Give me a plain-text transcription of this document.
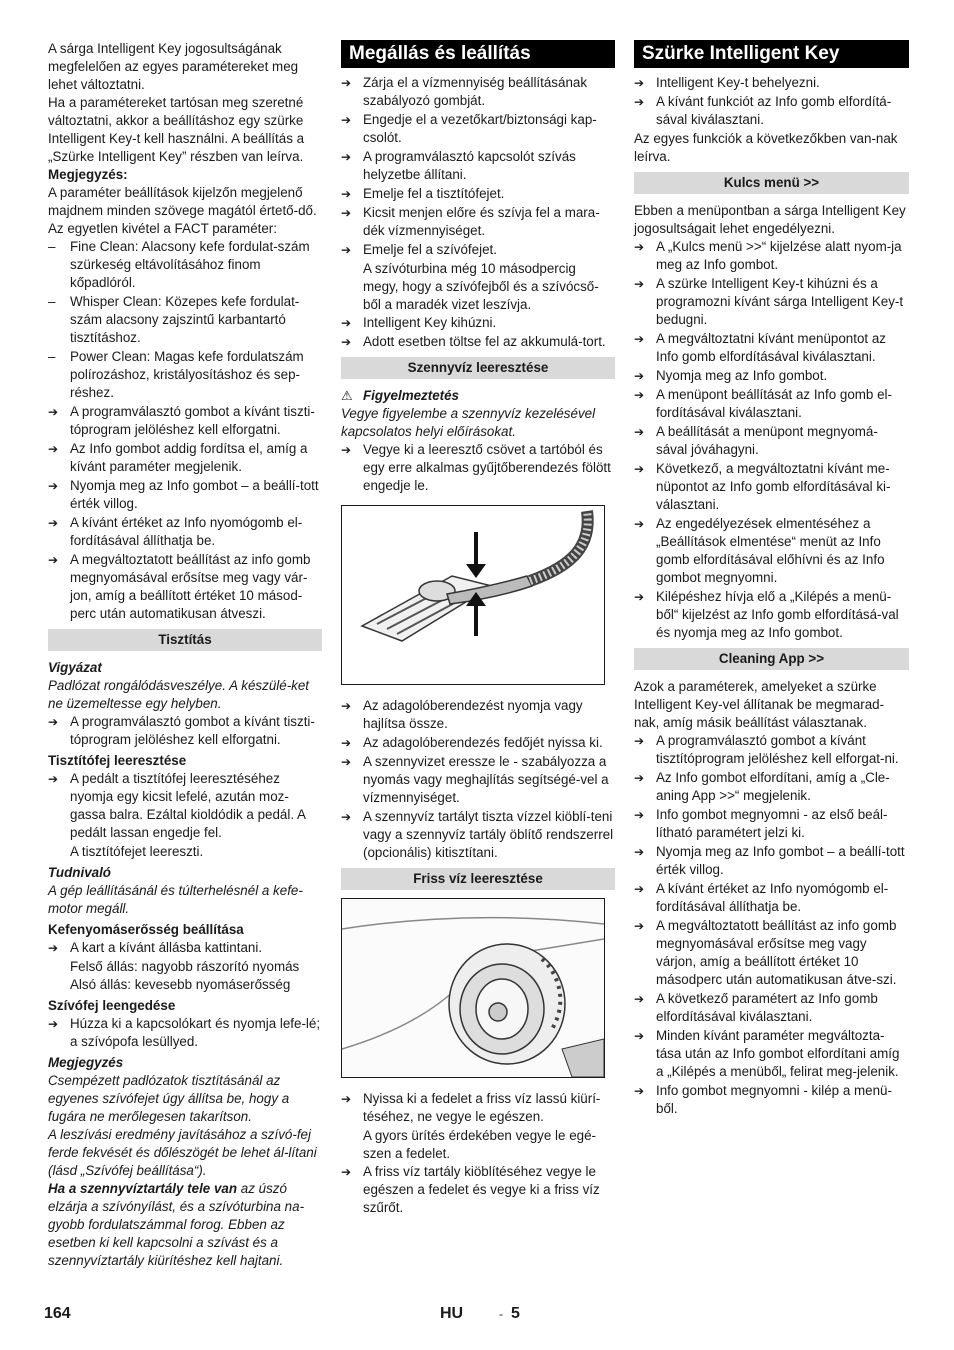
A sárga Intelligent Key jogosultságának megfelelően az egyes paramétereket meg lehet változtatni.

Ha a paramétereket tartósan meg szeretné változtatni, akkor a beállításhoz egy szürke Intelligent Key-t kell használni. A beállítás a „Szürke Intelligent Key” részben van leírva.

Megjegyzés:

A paraméter beállítások kijelzőn megjelenő majdnem minden szövege magától értető-dő. Az egyetlen kivétel a FACT paraméter:

– Fine Clean: Alacsony kefe fordulat-szám szürkeség eltávolításához finom kőpadlóról.

– Whisper Clean: Közepes kefe fordulat-szám alacsony zajszintű karbantartó tisztításhoz.

– Power Clean: Magas kefe fordulatszám polírozáshoz, kristályosításhoz és sep-réshez.

➔ A programválasztó gombot a kívánt tiszti-tóprogram jelöléshez kell elforgatni.

➔ Az Info gombot addig fordítsa el, amíg a kívánt paraméter megjelenik.

➔ Nyomja meg az Info gombot – a beállí-tott érték villog.

➔ A kívánt értéket az Info nyomógomb el-fordításával állíthatja be.

➔ A megváltoztatott beállítást az info gomb megnyomásával erősítse meg vagy vár-jon, amíg a beállított értéket 10 másod-perc után automatikusan átveszi.

Tisztítás

Vigyázat

Padlózat rongálódásveszélye. A készülé-ket ne üzemeltesse egy helyben.

➔ A programválasztó gombot a kívánt tiszti-tóprogram jelöléshez kell elforgatni.

Tisztítófej leeresztése

➔ A pedált a tisztítófej leeresztéséhez nyomja egy kicsit lefelé, azután moz-gassa balra. Ezáltal kioldódik a pedál. A pedált lassan engedje fel.

A tisztítófejet leereszti.

Tudnivaló

A gép leállításánál és túlterhelésnél a kefe-motor megáll.

Kefenyomáserősség beállítása

➔ A kart a kívánt állásba kattintani.

Felső állás: nagyobb rászorító nyomás

Alsó állás: kevesebb nyomáserősség

Szívófej leengedése

➔ Húzza ki a kapcsolókart és nyomja lefe-lé; a szívópofa lesüllyed.

Megjegyzés

Csempézett padlózatok tisztításánál az egyenes szívófejet úgy állítsa be, hogy a fugára ne merőlegesen takarítson.

A leszívási eredmény javításához a szívó-fej ferde fekvését és dőlészögét be lehet ál-lítani (lásd „Szívófej beállítása“).

Ha a szennyvíztartály tele van az úszó elzárja a szívónyílást, és a szívóturbina na-gyobb fordulatszámmal forog. Ebben az esetben ki kell kapcsolni a szívást és a szennyvíztartály kiürítéshez kell hajtani.

Megállás és leállítás

➔ Zárja el a vízmennyiség beállításának szabályozó gombját.

➔ Engedje el a vezetőkart/biztonsági kap-csolót.

➔ A programválasztó kapcsolót szívás helyzetbe állítani.

➔ Emelje fel a tisztítófejet.

➔ Kicsit menjen előre és szívja fel a mara-dék vízmennyiséget.

➔ Emelje fel a szívófejet.

A szívóturbina még 10 másodpercig megy, hogy a szívófejből és a szívócső-ből a maradék vizet leszívja.

➔ Intelligent Key kihúzni.

➔ Adott esetben töltse fel az akkumulá-tort.

Szennyvíz leeresztése

⚠ Figyelmeztetés

Vegye figyelembe a szennyvíz kezelésével kapcsolatos helyi előírásokat.

➔ Vegye ki a leeresztő csövet a tartóból és egy erre alkalmas gyűjtőberendezés fölött engedje le.

➔ Az adagolóberendezést nyomja vagy hajlítsa össze.

➔ Az adagolóberendezés fedőjét nyissa ki.

➔ A szennyvizet eressze le - szabályozza a nyomás vagy meghajlítás segítségé-vel a vízmennyiséget.

➔ A szennyvíz tartályt tiszta vízzel kiöblí-teni vagy a szennyvíz tartály öblítő rendszerrel (opcionális) kitisztítani.

Friss víz leeresztése

➔ Nyissa ki a fedelet a friss víz lassú kiürí-téséhez, ne vegye le egészen.

A gyors ürítés érdekében vegye le egé-szen a fedelet.

➔ A friss víz tartály kiöblítéséhez vegye le egészen a fedelet és vegye ki a friss víz szűrőt.

Szürke Intelligent Key

➔ Intelligent Key-t behelyezni.

➔ A kívánt funkciót az Info gomb elfordítá-sával kiválasztani.

Az egyes funkciók a következőkben van-nak leírva.

Kulcs menü >>

Ebben a menüpontban a sárga Intelligent Key jogosultságait lehet engedélyezni.

➔ A „Kulcs menü >>“ kijelzése alatt nyom-ja meg az Info gombot.

➔ A szürke Intelligent Key-t kihúzni és a programozni kívánt sárga Intelligent Key-t bedugni.

➔ A megváltoztatni kívánt menüpontot az Info gomb elfordításával kiválasztani.

➔ Nyomja meg az Info gombot.

➔ A menüpont beállítását az Info gomb el-fordításával kiválasztani.

➔ A beállítását a menüpont megnyomá-sával jóváhagyni.

➔ Következő, a megváltoztatni kívánt me-nüpontot az Info gomb elfordításával ki-választani.

➔ Az engedélyezések elmentéséhez a „Beállítások elmentése“ menüt az Info gomb elfordításával előhívni és az Info gombot megnyomni.

➔ Kilépéshez hívja elő a „Kilépés a menü-ből“ kijelzést az Info gomb elfordításá-val és nyomja meg az Info gombot.

Cleaning App >>

Azok a paraméterek, amelyeket a szürke Intelligent Key-vel állítanak be megmarad-nak, amíg másik beállítást választanak.

➔ A programválasztó gombot a kívánt tisztítóprogram jelöléshez kell elforgat-ni.

➔ Az Info gombot elfordítani, amíg a „Cle-aning App >>“ megjelenik.

➔ Info gombot megnyomni - az első beál-lítható paramétert jelzi ki.

➔ Nyomja meg az Info gombot – a beállí-tott érték villog.

➔ A kívánt értéket az Info nyomógomb el-fordításával állíthatja be.

➔ A megváltoztatott beállítást az info gomb megnyomásával erősítse meg vagy várjon, amíg a beállított értéket 10 másodperc után automatikusan átve-szi.

➔ A következő paramétert az Info gomb elfordításával kiválasztani.

➔ Minden kívánt paraméter megváltozta-tása után az Info gombot elfordítani amíg a „Kilépés a menüből„ felirat meg-jelenik.

➔ Info gombot megnyomni - kilép a menü-ből.

164	HU	- 5
